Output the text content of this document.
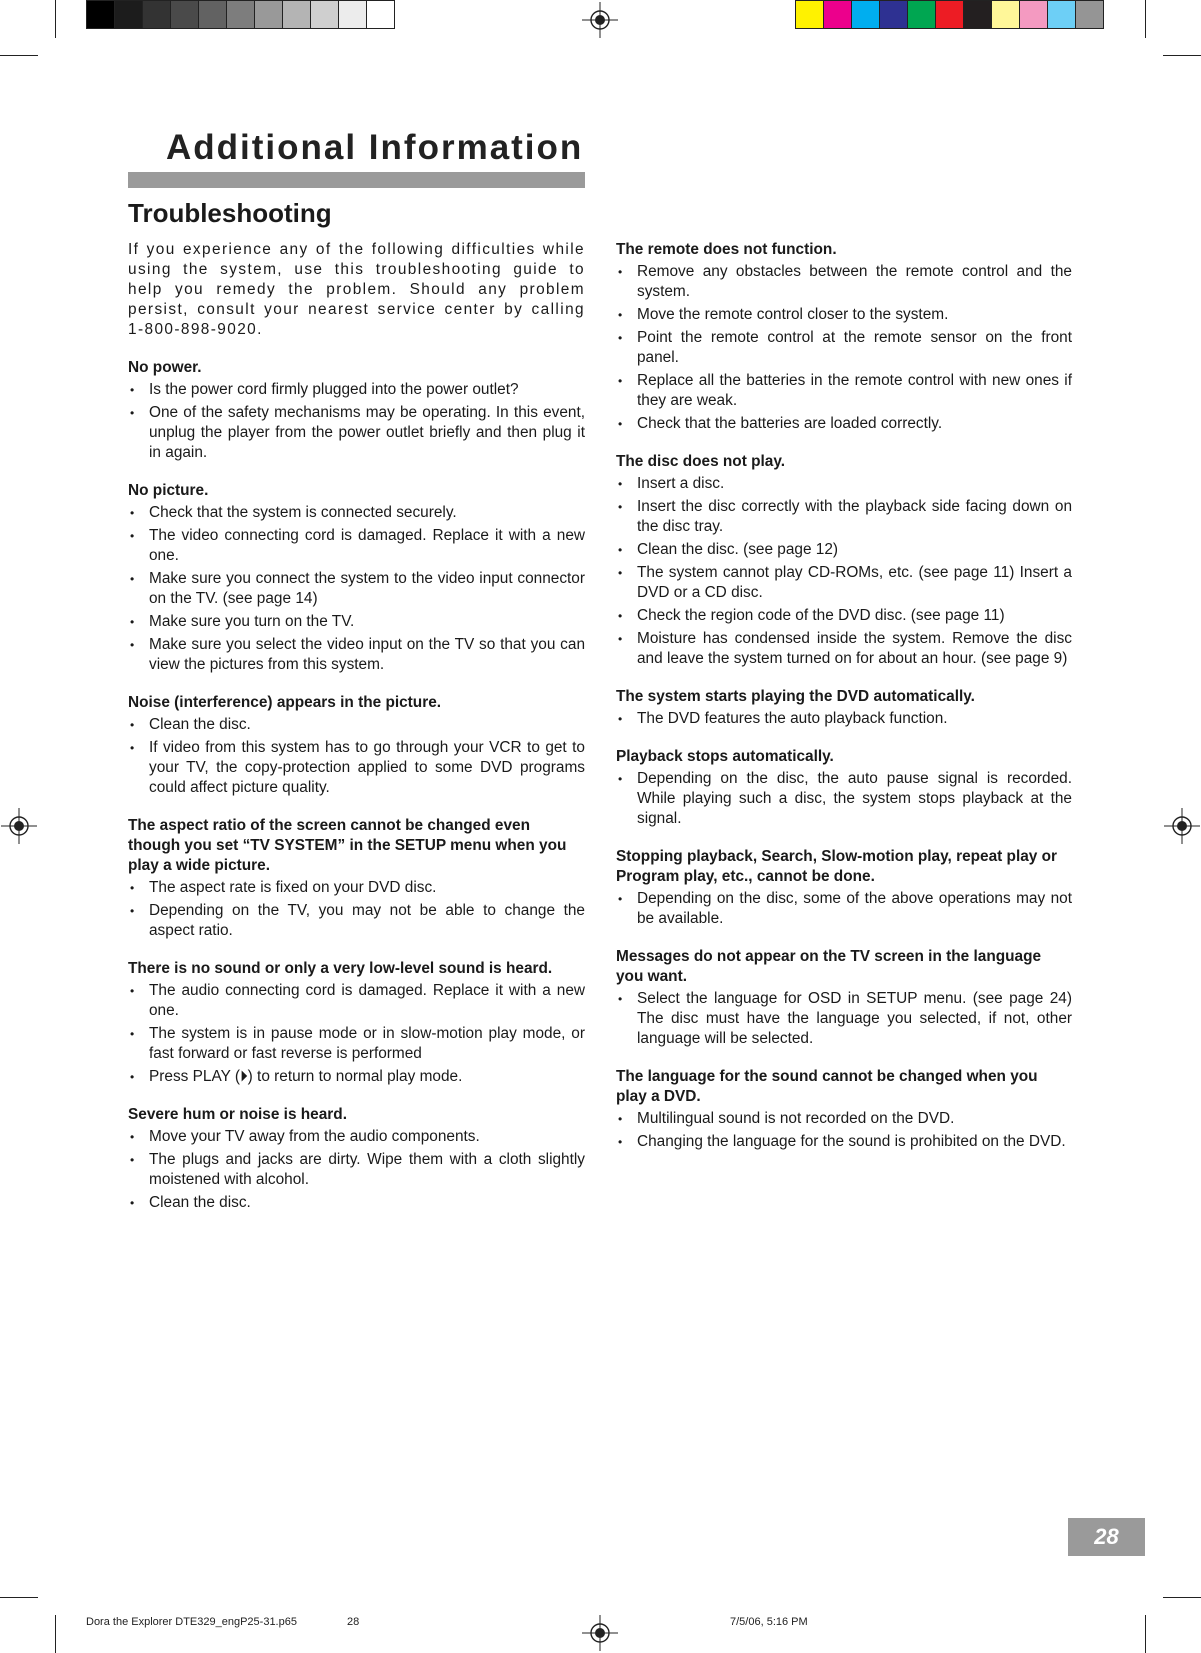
Additional Information
Troubleshooting

If you experience any of the following difficulties while using the system, use this troubleshooting guide to help you remedy the problem. Should any problem persist, consult your nearest service center by calling 1-800-898-9020.

No power.
• Is the power cord firmly plugged into the power outlet?
• One of the safety mechanisms may be operating. In this event, unplug the player from the power outlet briefly and then plug it in again.
No picture.
• Check that the system is connected securely.
• The video connecting cord is damaged. Replace it with a new one.
• Make sure you connect the system to the video input connector on the TV. (see page 14)
• Make sure you turn on the TV.
• Make sure you select the video input on the TV so that you can view the pictures from this system.
Noise (interference) appears in the picture.
• Clean the disc.
• If video from this system has to go through your VCR to get to your TV, the copy-protection applied to some DVD programs could affect picture quality.
The aspect ratio of the screen cannot be changed even though you set “TV SYSTEM” in the SETUP menu when you play a wide picture.
• The aspect rate is fixed on your DVD disc.
• Depending on the TV, you may not be able to change the aspect ratio.
There is no sound or only a very low-level sound is heard.
• The audio connecting cord is damaged. Replace it with a new one.
• The system is in pause mode or in slow-motion play mode, or fast forward or fast reverse is performed
• Press PLAY (⏵) to return to normal play mode.
Severe hum or noise is heard.
• Move your TV away from the audio components.
• The plugs and jacks are dirty. Wipe them with a cloth slightly moistened with alcohol.
• Clean the disc.
The remote does not function.
• Remove any obstacles between the remote control and the system.
• Move the remote control closer to the system.
• Point the remote control at the remote sensor on the front panel.
• Replace all the batteries in the remote control with new ones if they are weak.
• Check that the batteries are loaded correctly.
The disc does not play.
• Insert a disc.
• Insert the disc correctly with the playback side facing down on the disc tray.
• Clean the disc. (see page 12)
• The system cannot play CD-ROMs, etc. (see page 11) Insert a DVD or a CD disc.
• Check the region code of the DVD disc. (see page 11)
• Moisture has condensed inside the system. Remove the disc and leave the system turned on for about an hour. (see page 9)
The system starts playing the DVD automatically.
• The DVD features the auto playback function.
Playback stops automatically.
• Depending on the disc, the auto pause signal is recorded. While playing such a disc, the system stops playback at the signal.
Stopping playback, Search, Slow-motion play, repeat play or Program play, etc., cannot be done.
• Depending on the disc, some of the above operations may not be available.
Messages do not appear on the TV screen in the language you want.
• Select the language for OSD in SETUP menu. (see page 24) The disc must have the language you selected, if not, other language will be selected.
The language for the sound cannot be changed when you play a DVD.
• Multilingual sound is not recorded on the DVD.
• Changing the language for the sound is prohibited on the DVD.
28
Dora the Explorer DTE329_engP25-31.p65	28	7/5/06, 5:16 PM
